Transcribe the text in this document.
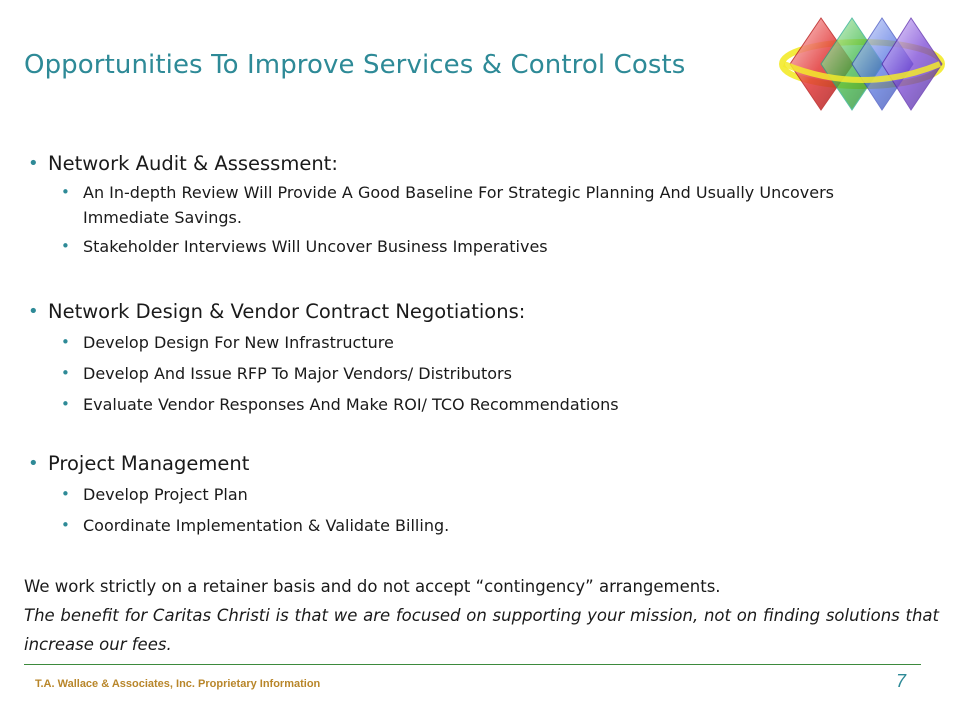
Opportunities To Improve Services & Control Costs
• Network Audit & Assessment:
• An In-depth Review Will Provide A Good Baseline For Strategic Planning And Usually Uncovers Immediate Savings.
• Stakeholder Interviews Will Uncover Business Imperatives
• Network Design & Vendor Contract Negotiations:
• Develop Design For New Infrastructure
• Develop And Issue RFP To Major Vendors/ Distributors
• Evaluate Vendor Responses And Make ROI/ TCO Recommendations
• Project Management
• Develop Project Plan
• Coordinate Implementation & Validate Billing.
We work strictly on a retainer basis and do not accept “contingency” arrangements.
The benefit for Caritas Christi is that we are focused on supporting your mission, not on finding solutions that increase our fees.
T.A. Wallace & Associates, Inc. Proprietary Information	7
